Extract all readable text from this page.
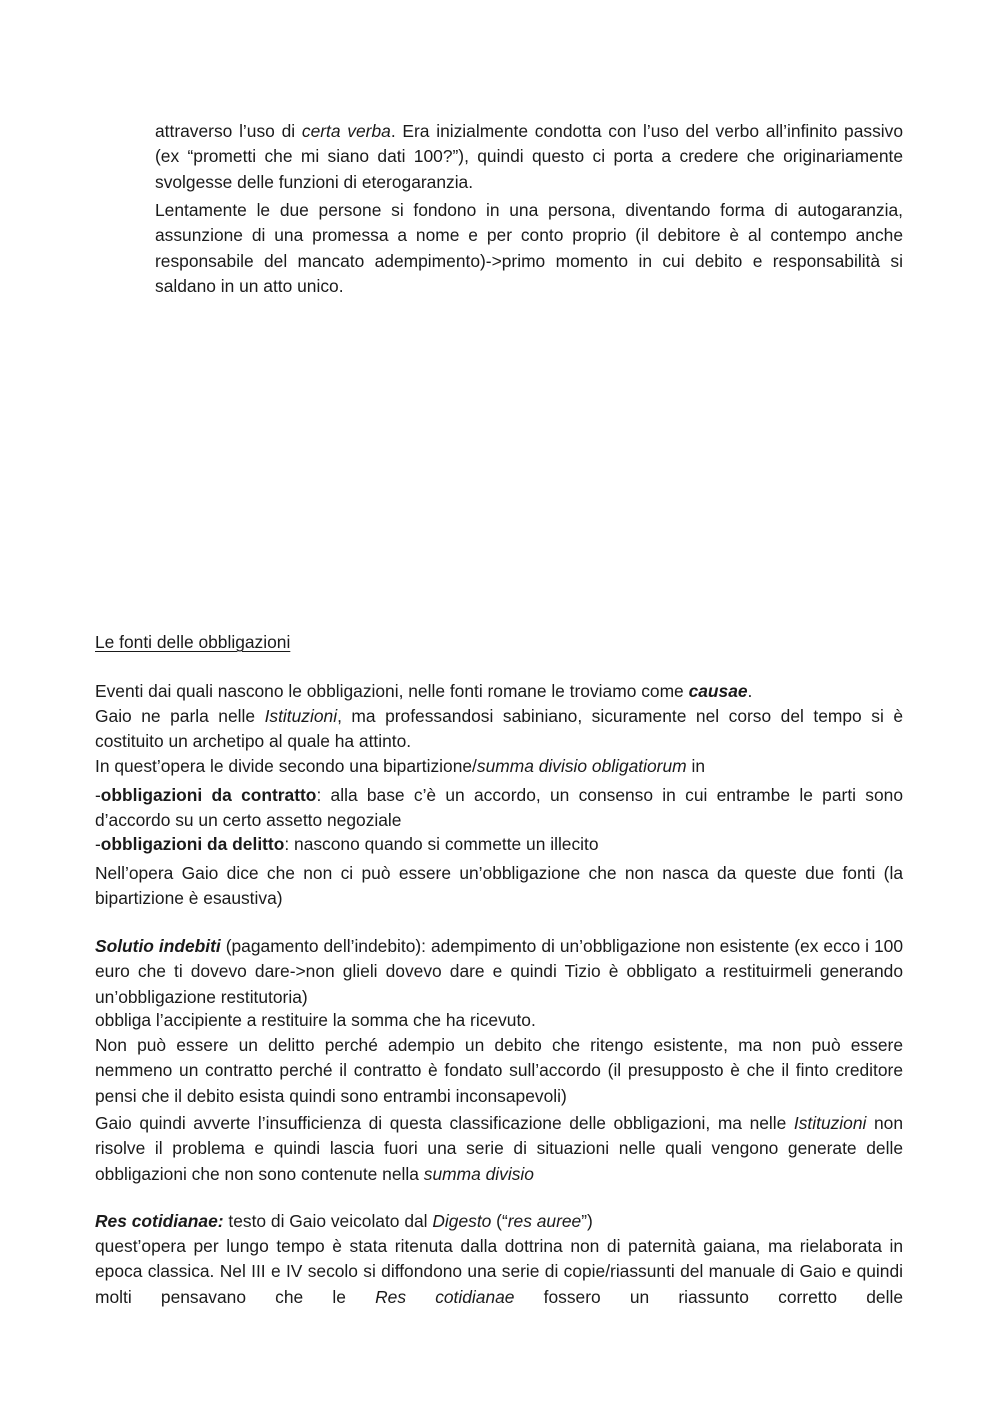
attraverso l’uso di certa verba. Era inizialmente condotta con l’uso del verbo all’infinito passivo (ex “prometti che mi siano dati 100?”), quindi questo ci porta a credere che originariamente svolgesse delle funzioni di eterogaranzia.

Lentamente le due persone si fondono in una persona, diventando forma di autogaranzia, assunzione di una promessa a nome e per conto proprio (il debitore è al contempo anche responsabile del mancato adempimento)->primo momento in cui debito e responsabilità si saldano in un atto unico.

Le fonti delle obbligazioni

Eventi dai quali nascono le obbligazioni, nelle fonti romane le troviamo come causae.

Gaio ne parla nelle Istituzioni, ma professandosi sabiniano, sicuramente nel corso del tempo si è costituito un archetipo al quale ha attinto.

In quest’opera le divide secondo una bipartizione/summa divisio obligatiorum in

-obbligazioni da contratto: alla base c’è un accordo, un consenso in cui entrambe le parti sono d’accordo su un certo assetto negoziale

-obbligazioni da delitto: nascono quando si commette un illecito

Nell’opera Gaio dice che non ci può essere un’obbligazione che non nasca da queste due fonti (la bipartizione è esaustiva)

Solutio indebiti (pagamento dell’indebito): adempimento di un’obbligazione non esistente (ex ecco i 100 euro che ti dovevo dare->non glieli dovevo dare e quindi Tizio è obbligato a restituirmeli generando un’obbligazione restitutoria)

obbliga l’accipiente a restituire la somma che ha ricevuto.

Non può essere un delitto perché adempio un debito che ritengo esistente, ma non può essere nemmeno un contratto perché il contratto è fondato sull’accordo (il presupposto è che il finto creditore pensi che il debito esista quindi sono entrambi inconsapevoli)

Gaio quindi avverte l’insufficienza di questa classificazione delle obbligazioni, ma nelle Istituzioni non risolve il problema e quindi lascia fuori una serie di situazioni nelle quali vengono generate delle obbligazioni che non sono contenute nella summa divisio

Res cotidianae: testo di Gaio veicolato dal Digesto (“res aureе”)

quest’opera per lungo tempo è stata ritenuta dalla dottrina non di paternità gaiana, ma rielaborata in epoca classica. Nel III e IV secolo si diffondono una serie di copie/riassunti del manuale di Gaio e quindi molti pensavano che le Res cotidianae fossero un riassunto corretto delle
